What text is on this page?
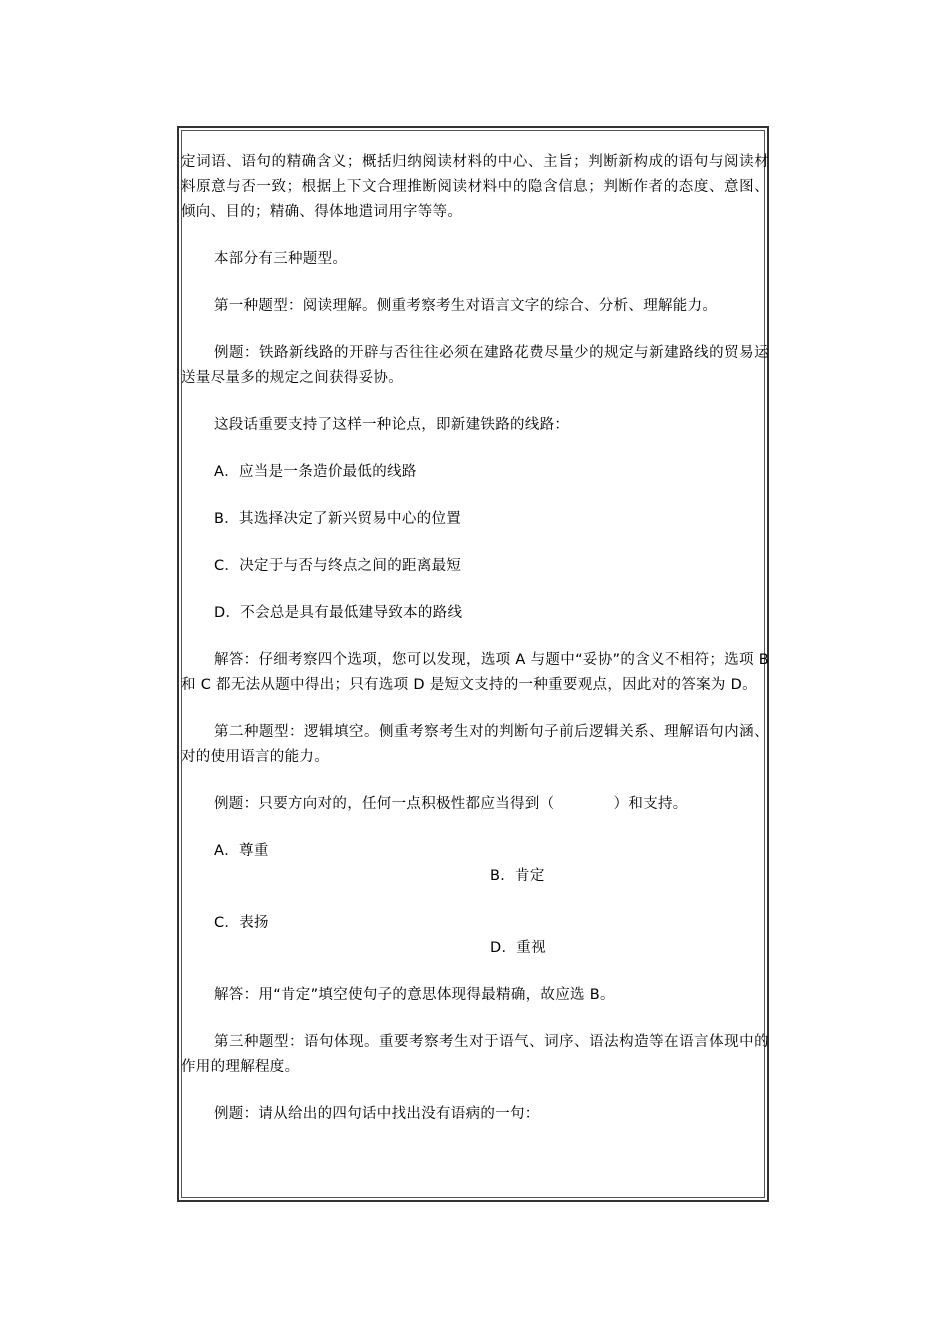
定词语、语句的精确含义；概括归纳阅读材料的中心、主旨；判断新构成的语句与阅读材料原意与否一致；根据上下文合理推断阅读材料中的隐含信息；判断作者的态度、意图、倾向、目的；精确、得体地遣词用字等等。

本部分有三种题型。

第一种题型：阅读理解。侧重考察考生对语言文字的综合、分析、理解能力。

例题：铁路新线路的开辟与否往往必须在建路花费尽量少的规定与新建路线的贸易运送量尽量多的规定之间获得妥协。

这段话重要支持了这样一种论点，即新建铁路的线路：

A．应当是一条造价最低的线路

B．其选择决定了新兴贸易中心的位置

C．决定于与否与终点之间的距离最短

D．不会总是具有最低建导致本的路线

解答：仔细考察四个选项，您可以发现，选项 A 与题中“妥协”的含义不相符；选项 B 和 C 都无法从题中得出；只有选项 D 是短文支持的一种重要观点，因此对的答案为 D。

第二种题型：逻辑填空。侧重考察考生对的判断句子前后逻辑关系、理解语句内涵、对的使用语言的能力。

例题：只要方向对的，任何一点积极性都应当得到（　　　　）和支持。

A．尊重

B．肯定

C．表扬

D．重视

解答：用“肯定”填空使句子的意思体现得最精确，故应选 B。

第三种题型：语句体现。重要考察考生对于语气、词序、语法构造等在语言体现中的作用的理解程度。

例题：请从给出的四句话中找出没有语病的一句：
